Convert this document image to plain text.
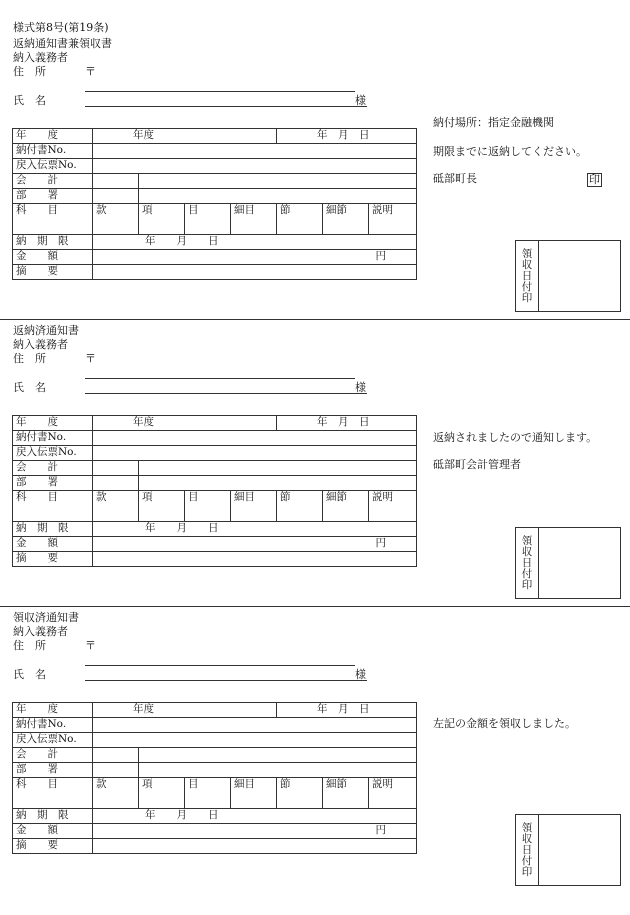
様式第8号(第19条)
返納通知書兼領収書
納入義務者
住　所	〒
氏　名	様
年　　度	年度				年　月　日		
納付書No.							
戻入伝票No.							
会　　計							
部　　署							
科　　目	款	項	目	細目	節	細節	説明
納　期　限	年　　月　　日						
金　　額	円						
摘　　要							
納付場所：指定金融機関
期限までに返納してください。
砥部町長	印
領
収
日
付
印
返納済通知書
納入義務者
住　所	〒
氏　名	様
年　　度	年度				年　月　日		
納付書No.							
戻入伝票No.							
会　　計							
部　　署							
科　　目	款	項	目	細目	節	細節	説明
納　期　限	年　　月　　日						
金　　額	円						
摘　　要							
返納されましたので通知します。
砥部町会計管理者
領
収
日
付
印
領収済通知書
納入義務者
住　所	〒
氏　名	様
年　　度	年度				年　月　日		
納付書No.							
戻入伝票No.							
会　　計							
部　　署							
科　　目	款	項	目	細目	節	細節	説明
納　期　限	年　　月　　日						
金　　額	円						
摘　　要							
左記の金額を領収しました。
領
収
日
付
印
